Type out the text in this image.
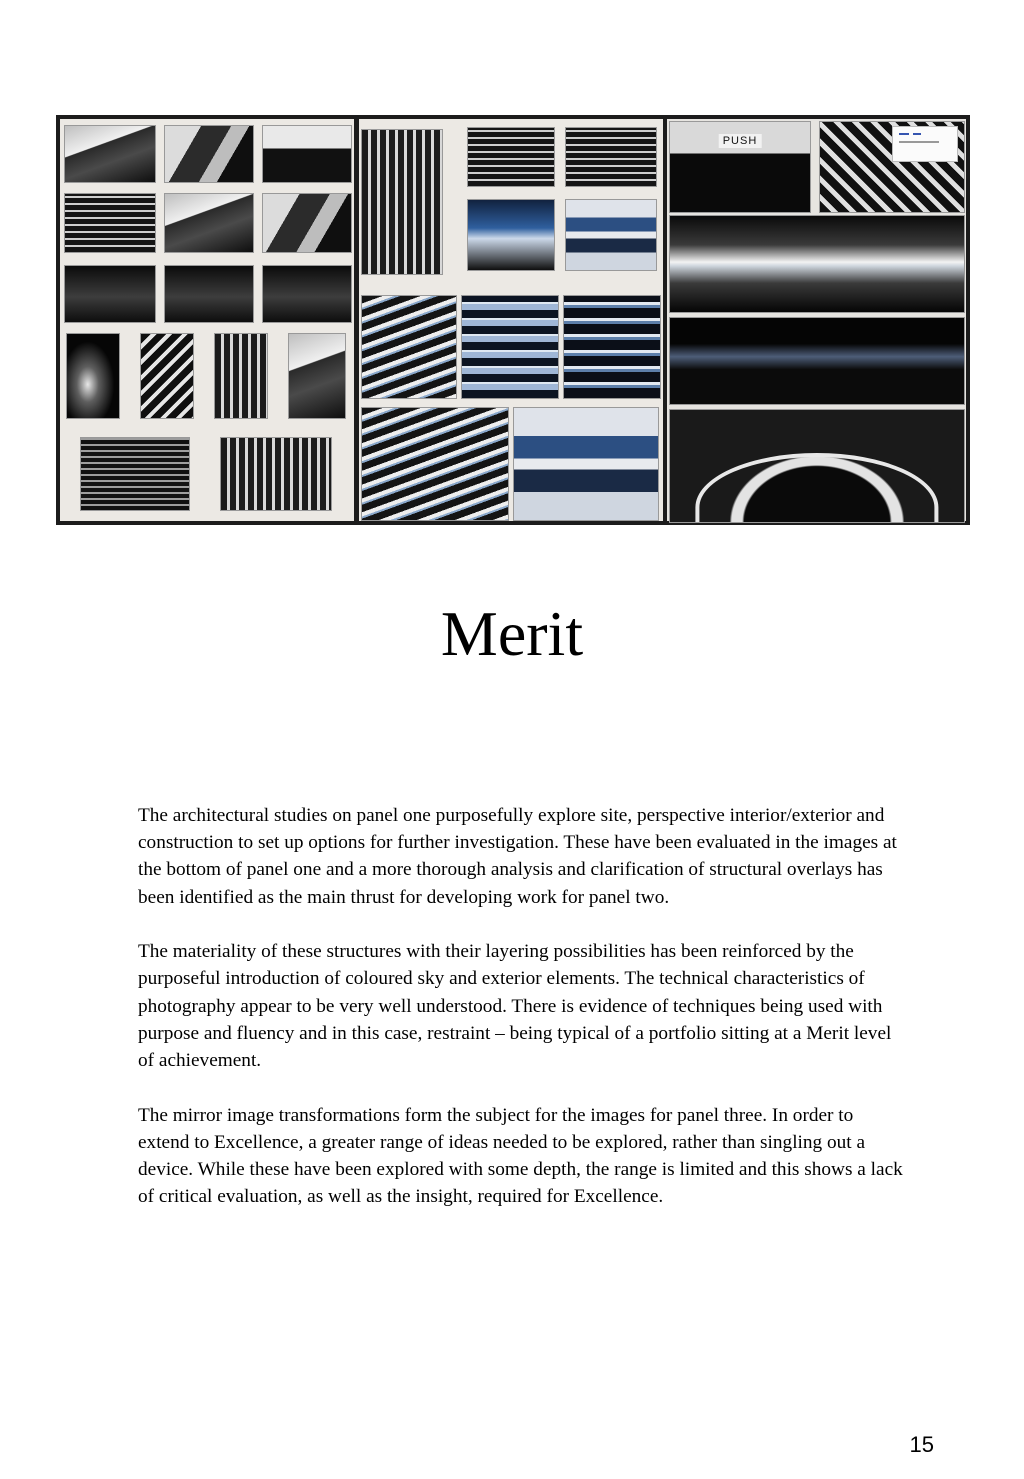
PUSH
Merit

The architectural studies on panel one purposefully explore site, perspective interior/exterior and construction to set up options for further investigation. These have been evaluated in the images at the bottom of panel one and a more thorough analysis and clarification of structural overlays has been identified as the main thrust for developing work for panel two.

The materiality of these structures with their layering possibilities has been reinforced by the purposeful introduction of coloured sky and exterior elements. The technical characteristics of photography appear to be very well understood. There is evidence of techniques being used with purpose and fluency and in this case, restraint – being typical of a portfolio sitting at a Merit level of achievement.

The mirror image transformations form the subject for the images for panel three. In order to extend to Excellence, a greater range of ideas needed to be explored, rather than singling out a device. While these have been explored with some depth, the range is limited and this shows a lack of critical evaluation, as well as the insight, required for Excellence.

15
